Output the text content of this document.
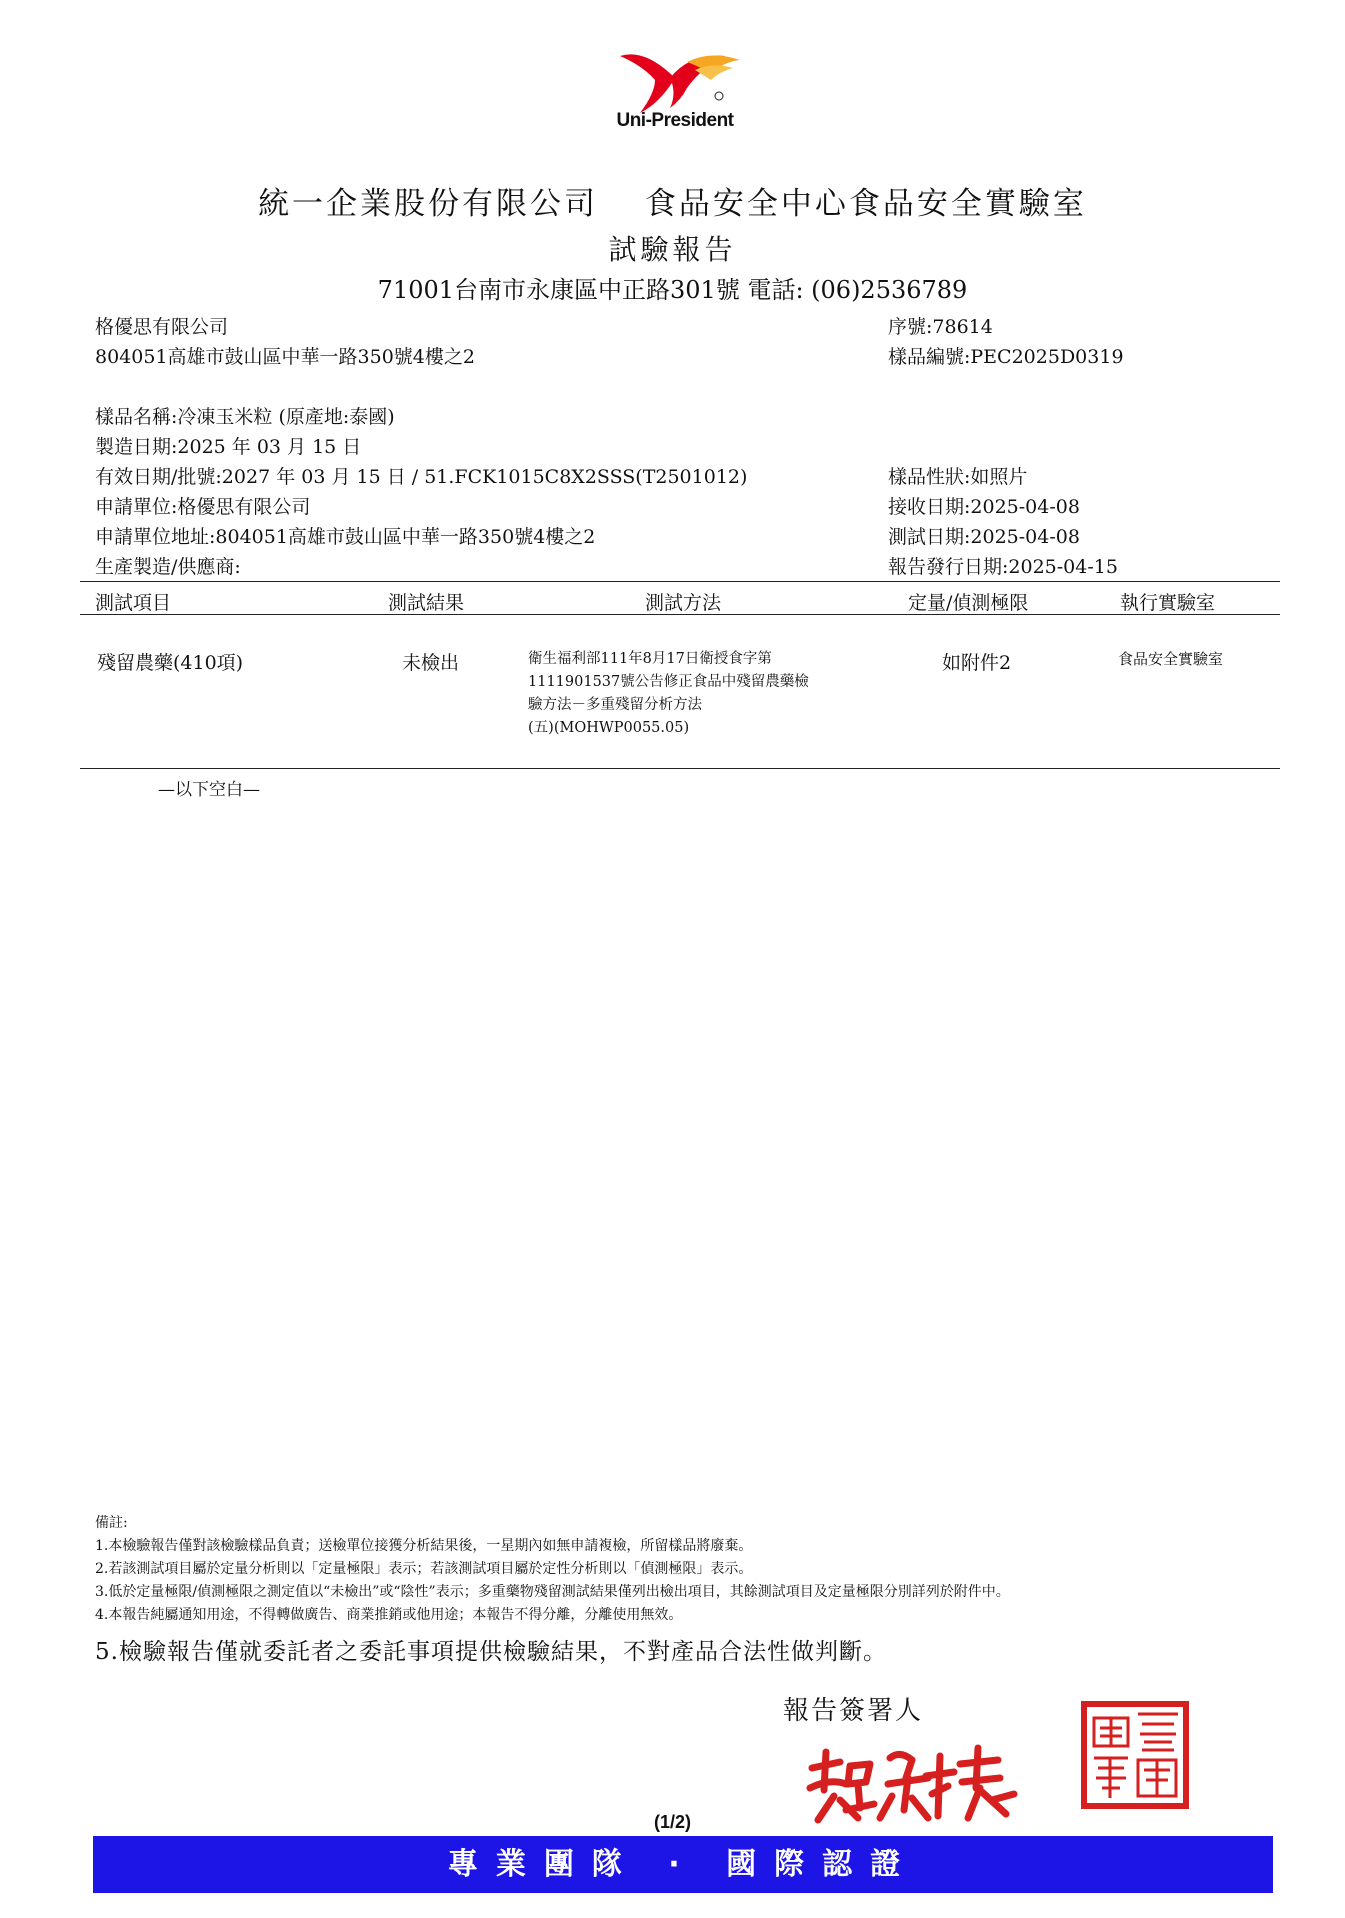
Uni-President
統一企業股份有限公司　 食品安全中心食品安全實驗室
試驗報告
71001台南市永康區中正路301號 電話: (06)2536789
格優思有限公司
804051高雄市鼓山區中華一路350號4樓之2
序號:78614
樣品編號:PEC2025D0319
樣品名稱:冷凍玉米粒 (原產地:泰國)
製造日期:2025 年 03 月 15 日
有效日期/批號:2027 年 03 月 15 日 / 51.FCK1015C8X2SSS(T2501012)
申請單位:格優思有限公司
申請單位地址:804051高雄市鼓山區中華一路350號4樓之2
生產製造/供應商:
樣品性狀:如照片
接收日期:2025-04-08
測試日期:2025-04-08
報告發行日期:2025-04-15
測試項目	測試結果	測試方法	定量/偵測極限	執行實驗室
殘留農藥(410項)	未檢出	衛生福利部111年8月17日衛授食字第
1111901537號公告修正食品中殘留農藥檢
驗方法－多重殘留分析方法
(五)(MOHWP0055.05)
如附件2	食品安全實驗室
—以下空白—
備註:
1.本檢驗報告僅對該檢驗樣品負責；送檢單位接獲分析結果後，一星期內如無申請複檢，所留樣品將廢棄。
2.若該測試項目屬於定量分析則以「定量極限」表示；若該測試項目屬於定性分析則以「偵測極限」表示。
3.低於定量極限/偵測極限之測定值以“未檢出”或“陰性”表示；多重藥物殘留測試結果僅列出檢出項目，其餘測試項目及定量極限分別詳列於附件中。
4.本報告純屬通知用途，不得轉做廣告、商業推銷或他用途；本報告不得分離，分離使用無效。
5.檢驗報告僅就委託者之委託事項提供檢驗結果，不對產品合法性做判斷。
報告簽署人
(1/2)
專業團隊 · 國際認證
